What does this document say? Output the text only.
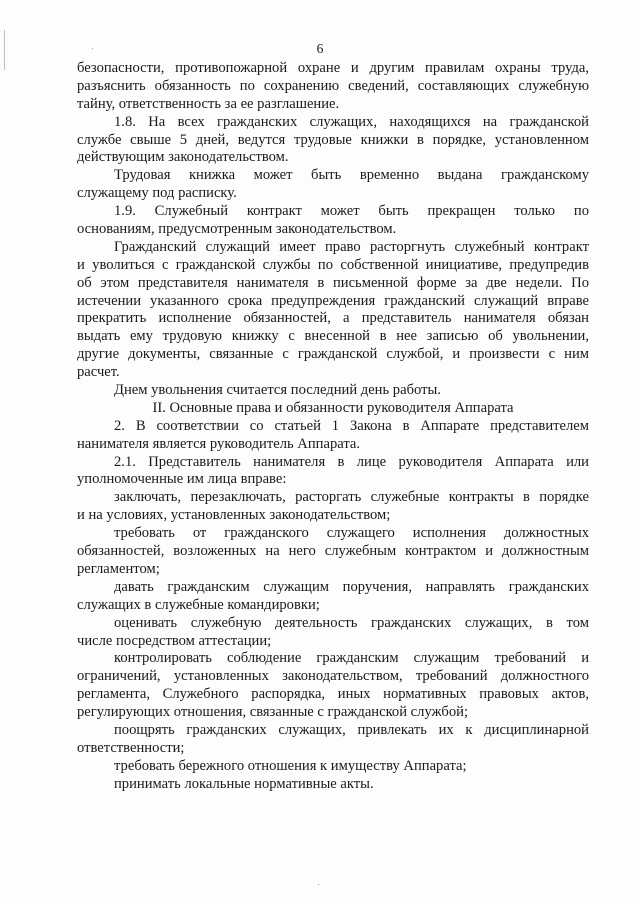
6
безопасности, противопожарной охране и другим правилам охраны труда,
разъяснить обязанность по сохранению сведений, составляющих служебную
тайну, ответственность за ее разглашение.
1.8. На всех гражданских служащих, находящихся на гражданской
службе свыше 5 дней, ведутся трудовые книжки в порядке, установленном
действующим законодательством.
Трудовая книжка может быть временно выдана гражданскому
служащему под расписку.
1.9. Служебный контракт может быть прекращен только по
основаниям, предусмотренным законодательством.
Гражданский служащий имеет право расторгнуть служебный контракт
и уволиться с гражданской службы по собственной инициативе, предупредив
об этом представителя нанимателя в письменной форме за две недели. По
истечении указанного срока предупреждения гражданский служащий вправе
прекратить исполнение обязанностей, а представитель нанимателя обязан
выдать ему трудовую книжку с внесенной в нее записью об увольнении,
другие документы, связанные с гражданской службой, и произвести с ним
расчет.
Днем увольнения считается последний день работы.
II. Основные права и обязанности руководителя Аппарата
2. В соответствии со статьей 1 Закона в Аппарате представителем
нанимателя является руководитель Аппарата.
2.1. Представитель нанимателя в лице руководителя Аппарата или
уполномоченные им лица вправе:
заключать, перезаключать, расторгать служебные контракты в порядке
и на условиях, установленных законодательством;
требовать от гражданского служащего исполнения должностных
обязанностей, возложенных на него служебным контрактом и должностным
регламентом;
давать гражданским служащим поручения, направлять гражданских
служащих в служебные командировки;
оценивать служебную деятельность гражданских служащих, в том
числе посредством аттестации;
контролировать соблюдение гражданским служащим требований и
ограничений, установленных законодательством, требований должностного
регламента, Служебного распорядка, иных нормативных правовых актов,
регулирующих отношения, связанные с гражданской службой;
поощрять гражданских служащих, привлекать их к дисциплинарной
ответственности;
требовать бережного отношения к имуществу Аппарата;
принимать локальные нормативные акты.
